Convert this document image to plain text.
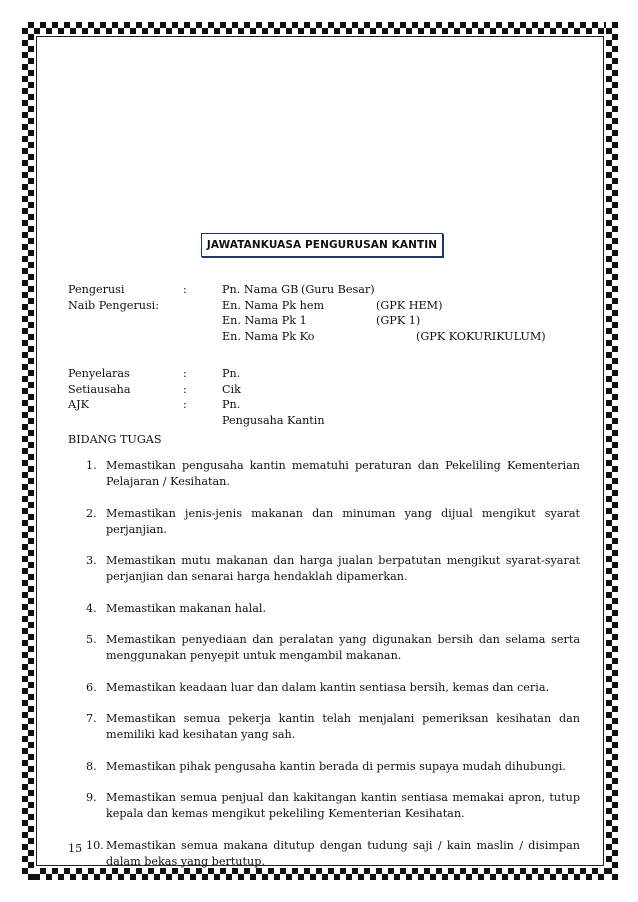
JAWATANKUASA PENGURUSAN KANTIN
Pengerusi	:	Pn. Nama GB (Guru Besar)
Naib Pengerusi:	En. Nama Pk hem	(GPK HEM)
En. Nama Pk 1	(GPK 1)
En. Nama Pk Ko	(GPK KOKURIKULUM)
Penyelaras	:	Pn.
Setiausaha	:	Cik
AJK	:	Pn.
Pengusaha Kantin
BIDANG TUGAS
1. Memastikan pengusaha kantin mematuhi peraturan dan Pekeliling Kementerian Pelajaran / Kesihatan.
2. Memastikan jenis-jenis makanan dan minuman yang dijual mengikut syarat perjanjian.
3. Memastikan mutu makanan dan harga jualan berpatutan mengikut syarat-syarat perjanjian dan senarai harga hendaklah dipamerkan.
4. Memastikan makanan halal.
5. Memastikan penyediaan dan peralatan yang digunakan bersih dan selama serta menggunakan penyepit untuk mengambil makanan.
6. Memastikan keadaan luar dan dalam kantin sentiasa bersih, kemas dan ceria.
7. Memastikan semua pekerja kantin telah menjalani pemeriksan kesihatan dan memiliki kad kesihatan yang sah.
8. Memastikan pihak pengusaha kantin berada di permis supaya mudah dihubungi.
9. Memastikan semua penjual dan kakitangan kantin sentiasa memakai apron, tutup kepala dan kemas mengikut pekeliling Kementerian Kesihatan.
10. Memastikan semua makana ditutup dengan tudung saji / kain maslin / disimpan dalam bekas yang bertutup.
15
